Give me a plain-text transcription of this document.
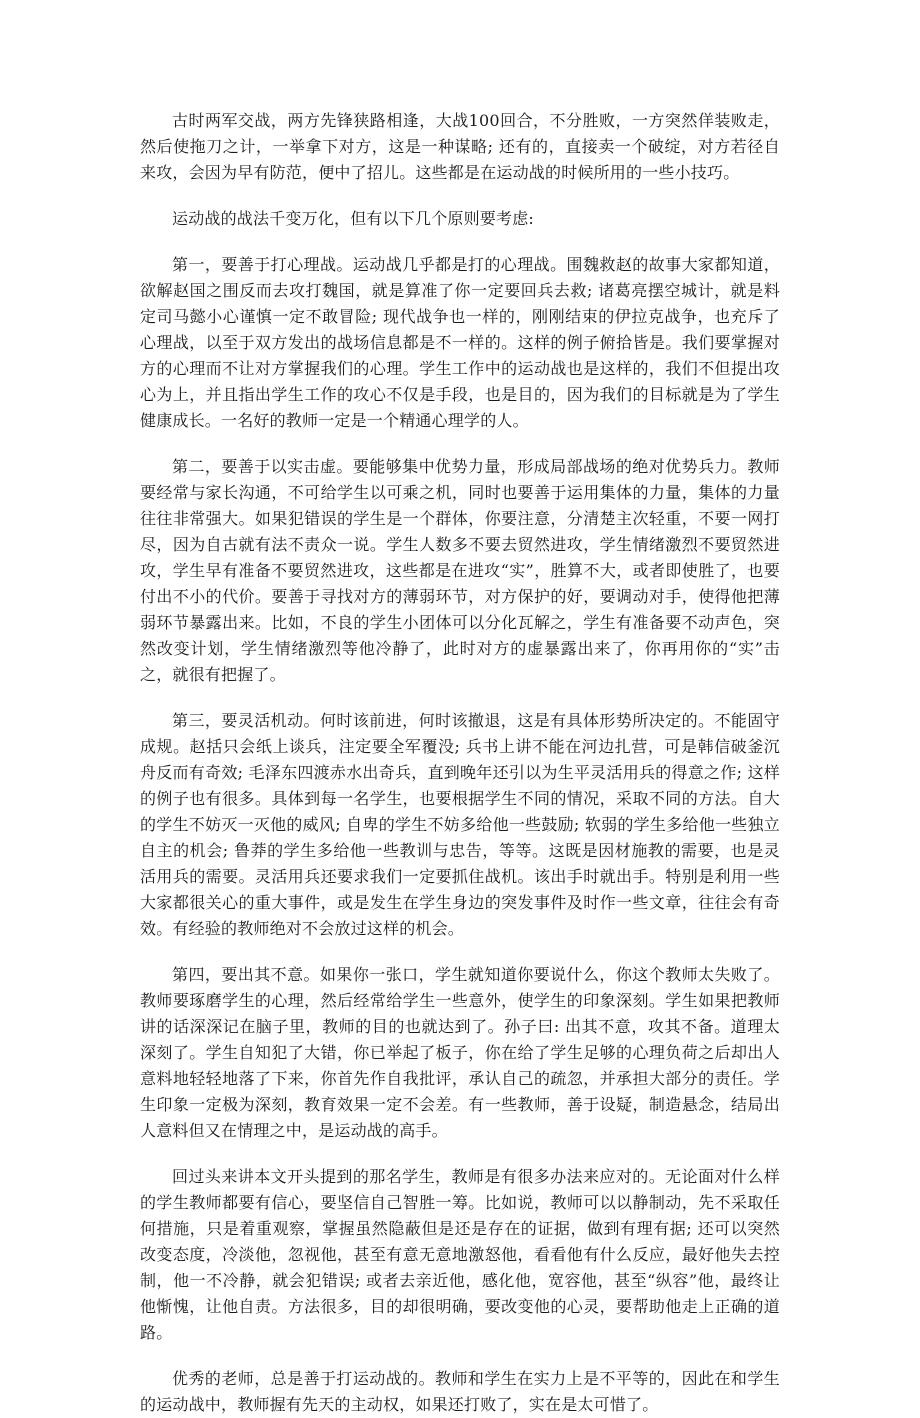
古时两军交战，两方先锋狭路相逢，大战100回合，不分胜败，一方突然佯装败走，然后使拖刀之计，一举拿下对方，这是一种谋略; 还有的，直接卖一个破绽，对方若径自来攻，会因为早有防范，便中了招儿。这些都是在运动战的时候所用的一些小技巧。

运动战的战法千变万化，但有以下几个原则要考虑:

第一，要善于打心理战。运动战几乎都是打的心理战。围魏救赵的故事大家都知道，欲解赵国之围反而去攻打魏国，就是算准了你一定要回兵去救; 诸葛亮摆空城计，就是料定司马懿小心谨慎一定不敢冒险; 现代战争也一样的，刚刚结束的伊拉克战争，也充斥了心理战，以至于双方发出的战场信息都是不一样的。这样的例子俯拾皆是。我们要掌握对方的心理而不让对方掌握我们的心理。学生工作中的运动战也是这样的，我们不但提出攻心为上，并且指出学生工作的攻心不仅是手段，也是目的，因为我们的目标就是为了学生健康成长。一名好的教师一定是一个精通心理学的人。

第二，要善于以实击虚。要能够集中优势力量，形成局部战场的绝对优势兵力。教师要经常与家长沟通，不可给学生以可乘之机，同时也要善于运用集体的力量，集体的力量往往非常强大。如果犯错误的学生是一个群体，你要注意，分清楚主次轻重，不要一网打尽，因为自古就有法不责众一说。学生人数多不要去贸然进攻，学生情绪激烈不要贸然进攻，学生早有准备不要贸然进攻，这些都是在进攻“实”，胜算不大，或者即使胜了，也要付出不小的代价。要善于寻找对方的薄弱环节，对方保护的好，要调动对手，使得他把薄弱环节暴露出来。比如，不良的学生小团体可以分化瓦解之，学生有准备要不动声色，突然改变计划，学生情绪激烈等他冷静了，此时对方的虚暴露出来了，你再用你的“实”击之，就很有把握了。

第三，要灵活机动。何时该前进，何时该撤退，这是有具体形势所决定的。不能固守成规。赵括只会纸上谈兵，注定要全军覆没; 兵书上讲不能在河边扎营，可是韩信破釜沉舟反而有奇效; 毛泽东四渡赤水出奇兵，直到晚年还引以为生平灵活用兵的得意之作; 这样的例子也有很多。具体到每一名学生，也要根据学生不同的情况，采取不同的方法。自大的学生不妨灭一灭他的威风; 自卑的学生不妨多给他一些鼓励; 软弱的学生多给他一些独立自主的机会; 鲁莽的学生多给他一些教训与忠告，等等。这既是因材施教的需要，也是灵活用兵的需要。灵活用兵还要求我们一定要抓住战机。该出手时就出手。特别是利用一些大家都很关心的重大事件，或是发生在学生身边的突发事件及时作一些文章，往往会有奇效。有经验的教师绝对不会放过这样的机会。

第四，要出其不意。如果你一张口，学生就知道你要说什么，你这个教师太失败了。教师要琢磨学生的心理，然后经常给学生一些意外，使学生的印象深刻。学生如果把教师讲的话深深记在脑子里，教师的目的也就达到了。孙子曰: 出其不意，攻其不备。道理太深刻了。学生自知犯了大错，你已举起了板子，你在给了学生足够的心理负荷之后却出人意料地轻轻地落了下来，你首先作自我批评，承认自己的疏忽，并承担大部分的责任。学生印象一定极为深刻，教育效果一定不会差。有一些教师，善于设疑，制造悬念，结局出人意料但又在情理之中，是运动战的高手。

回过头来讲本文开头提到的那名学生，教师是有很多办法来应对的。无论面对什么样的学生教师都要有信心，要坚信自己智胜一筹。比如说，教师可以以静制动，先不采取任何措施，只是着重观察，掌握虽然隐蔽但是还是存在的证据，做到有理有据; 还可以突然改变态度，冷淡他，忽视他，甚至有意无意地激怒他，看看他有什么反应，最好他失去控制，他一不冷静，就会犯错误; 或者去亲近他，感化他，宽容他，甚至“纵容”他，最终让他惭愧，让他自责。方法很多，目的却很明确，要改变他的心灵，要帮助他走上正确的道路。

优秀的老师，总是善于打运动战的。教师和学生在实力上是不平等的，因此在和学生的运动战中，教师握有先天的主动权，如果还打败了，实在是太可惜了。
